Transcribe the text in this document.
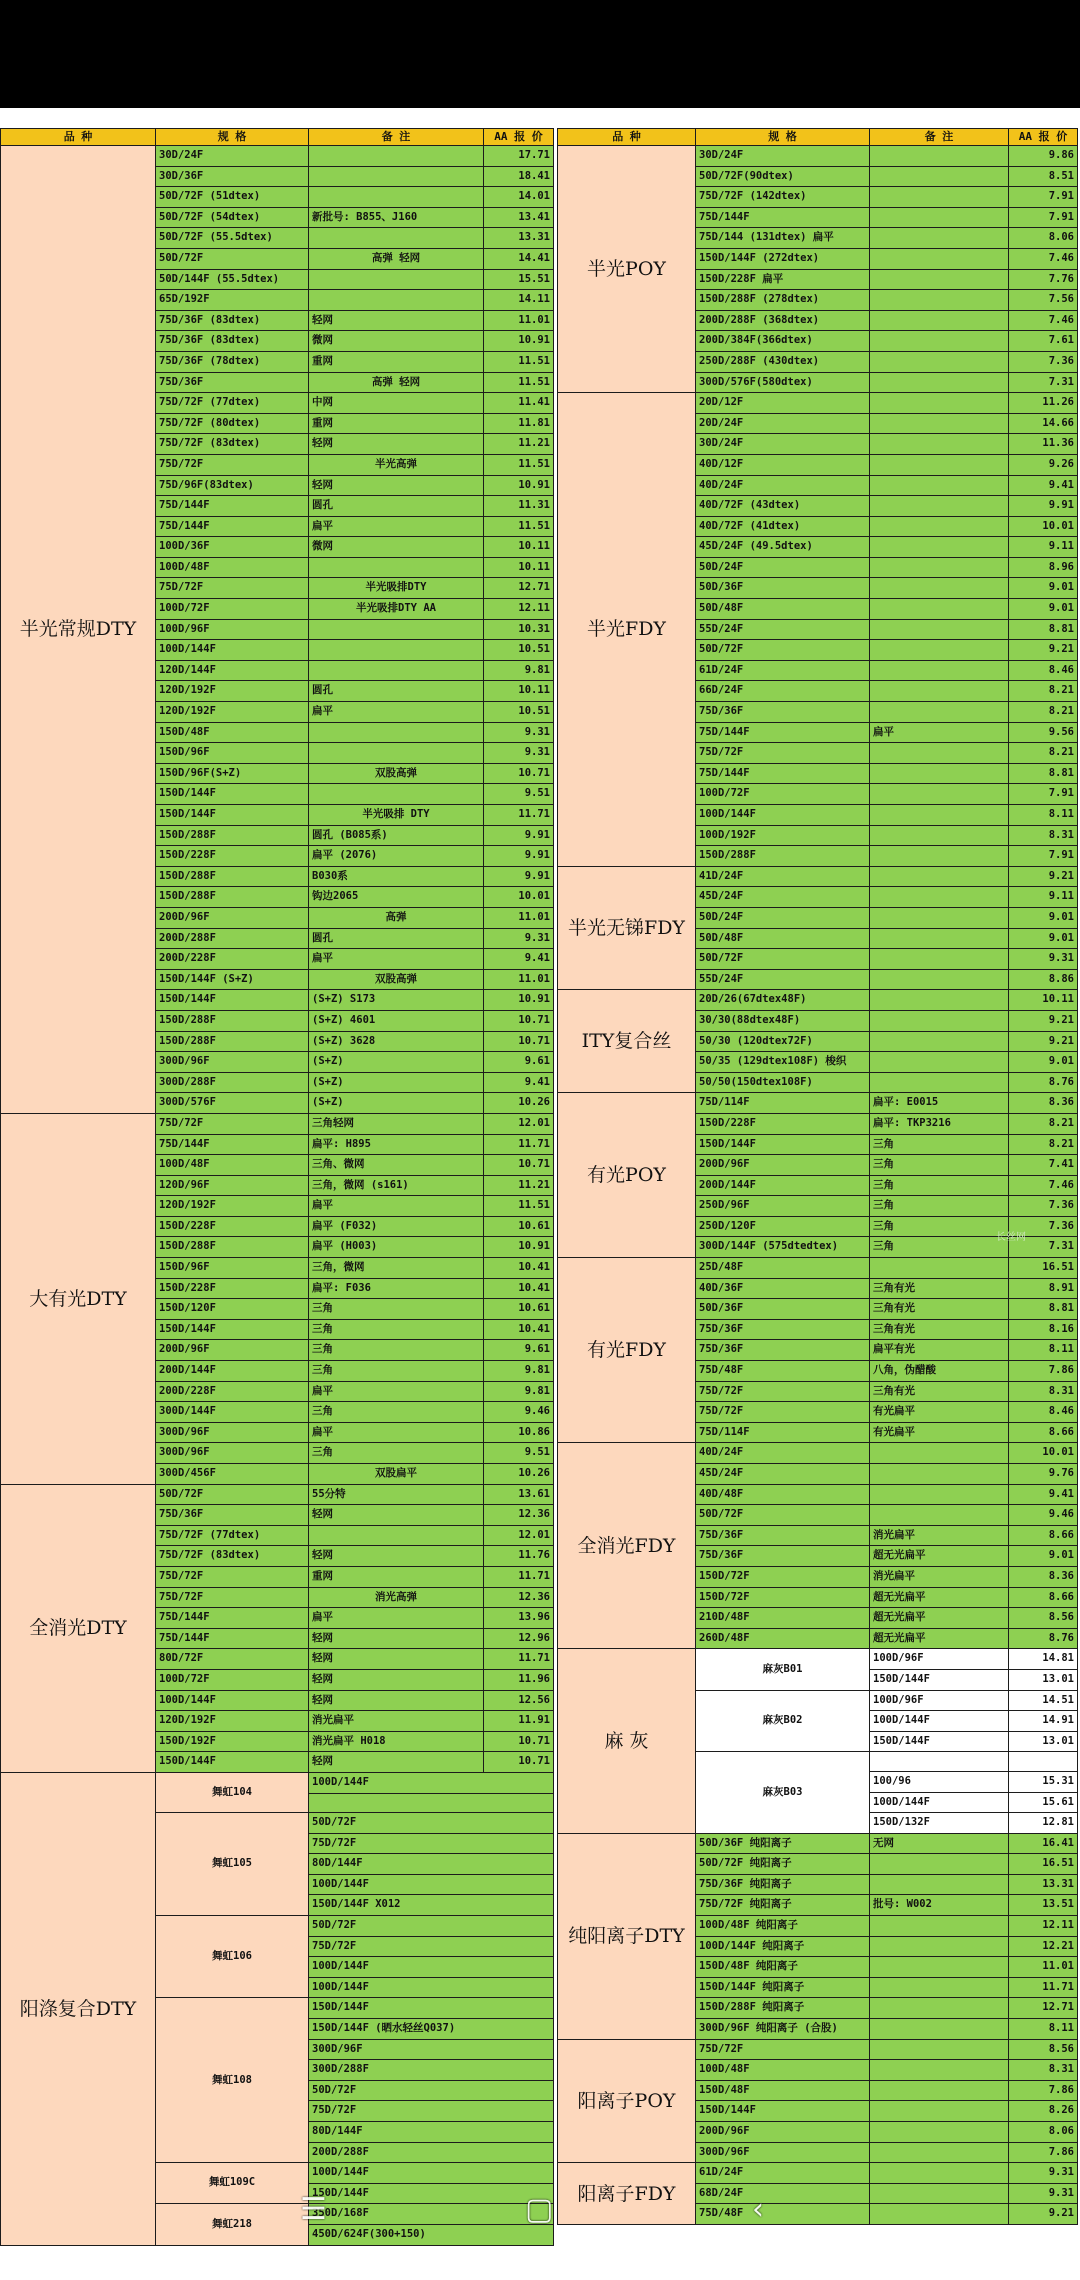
品 种	规 格	备 注	AA 报 价	
半光常规DTY	30D/24F		17.71	
	30D/36F		18.41	
	50D/72F (51dtex)		14.01	
	50D/72F (54dtex)	新批号: B855、J160	13.41	
	50D/72F (55.5dtex)		13.31	
	50D/72F	高弹 轻网	14.41	
	50D/144F (55.5dtex)		15.51	
	65D/192F		14.11	
	75D/36F (83dtex)	轻网	11.01	
	75D/36F (83dtex)	微网	10.91	
	75D/36F (78dtex)	重网	11.51	
	75D/36F	高弹 轻网	11.51	
	75D/72F (77dtex)	中网	11.41	
	75D/72F (80dtex)	重网	11.81	
	75D/72F (83dtex)	轻网	11.21	
	75D/72F	半光高弹	11.51	
	75D/96F(83dtex)	轻网	10.91	
	75D/144F	圆孔	11.31	
	75D/144F	扁平	11.51	
	100D/36F	微网	10.11	
	100D/48F		10.11	
	75D/72F	半光吸排DTY	12.71	
	100D/72F	半光吸排DTY AA	12.11	
	100D/96F		10.31	
	100D/144F		10.51	
	120D/144F		9.81	
	120D/192F	圆孔	10.11	
	120D/192F	扁平	10.51	
	150D/48F		9.31	
	150D/96F		9.31	
	150D/96F(S+Z)	双股高弹	10.71	
	150D/144F		9.51	
	150D/144F	半光吸排 DTY	11.71	
	150D/288F	圆孔 (B085系)	9.91	
	150D/228F	扁平 (2076)	9.91	
	150D/288F	B030系	9.91	
	150D/288F	钩边2065	10.01	
	200D/96F	高弹	11.01	
	200D/288F	圆孔	9.31	
	200D/228F	扁平	9.41	
	150D/144F (S+Z)	双股高弹	11.01	
	150D/144F	(S+Z) S173	10.91	
	150D/288F	(S+Z) 4601	10.71	
	150D/288F	(S+Z) 3628	10.71	
	300D/96F	(S+Z)	9.61	
	300D/288F	(S+Z)	9.41	
	300D/576F	(S+Z)	10.26	
大有光DTY	75D/72F	三角轻网	12.01	
	75D/144F	扁平: H895	11.71	
	100D/48F	三角、微网	10.71	
	120D/96F	三角，微网 (s161)	11.21	
	120D/192F	扁平	11.51	
	150D/228F	扁平 (F032)	10.61	
	150D/288F	扁平 (H003)	10.91	
	150D/96F	三角，微网	10.41	
	150D/228F	扁平: F036	10.41	
	150D/120F	三角	10.61	
	150D/144F	三角	10.41	
	200D/96F	三角	9.61	
	200D/144F	三角	9.81	
	200D/228F	扁平	9.81	
	300D/144F	三角	9.46	
	300D/96F	扁平	10.86	
	300D/96F	三角	9.51	
	300D/456F	双股扁平	10.26	
全消光DTY	50D/72F	55分特	13.61	
	75D/36F	轻网	12.36	
	75D/72F (77dtex)		12.01	
	75D/72F (83dtex)	轻网	11.76	
	75D/72F	重网	11.71	
	75D/72F	消光高弹	12.36	
	75D/144F	扁平	13.96	
	75D/144F	轻网	12.96	
	80D/72F	轻网	11.71	
	100D/72F	轻网	11.96	
	100D/144F	轻网	12.56	
	120D/192F	消光扁平	11.91	
	150D/192F	消光扁平 H018	10.71	
	150D/144F	轻网	10.71	
阳涤复合DTY	舞虹104	100D/144F	

	舞虹105	50D/72F	
		75D/72F	
		80D/144F	
		100D/144F	
		150D/144F X012	
	舞虹106	50D/72F	
		75D/72F	
		100D/144F	
		100D/144F	
	舞虹108	150D/144F	
		150D/144F (晒水轻丝Q037)	
		300D/96F	
		300D/288F	
		50D/72F	
		75D/72F	
		80D/144F	
		200D/288F	
	舞虹109C	100D/144F	
		150D/144F	
	舞虹218	350D/168F	
		450D/624F(300+150)	
品 种	规 格	备 注	AA 报 价
半光POY	30D/24F		9.86
	50D/72F(90dtex)		8.51
	75D/72F (142dtex)		7.91
	75D/144F		7.91
	75D/144 (131dtex) 扁平		8.06
	150D/144F (272dtex)		7.46
	150D/228F 扁平		7.76
	150D/288F (278dtex)		7.56
	200D/288F (368dtex)		7.46
	200D/384F(366dtex)		7.61
	250D/288F (430dtex)		7.36
	300D/576F(580dtex)		7.31
半光FDY	20D/12F		11.26
	20D/24F		14.66
	30D/24F		11.36
	40D/12F		9.26
	40D/24F		9.41
	40D/72F (43dtex)		9.91
	40D/72F (41dtex)		10.01
	45D/24F (49.5dtex)		9.11
	50D/24F		8.96
	50D/36F		9.01
	50D/48F		9.01
	55D/24F		8.81
	50D/72F		9.21
	61D/24F		8.46
	66D/24F		8.21
	75D/36F		8.21
	75D/144F	扁平	9.56
	75D/72F		8.21
	75D/144F		8.81
	100D/72F		7.91
	100D/144F		8.11
	100D/192F		8.31
	150D/288F		7.91
半光无锑FDY	41D/24F		9.21
	45D/24F		9.11
	50D/24F		9.01
	50D/48F		9.01
	50D/72F		9.31
	55D/24F		8.86
ITY复合丝	20D/26(67dtex48F)		10.11
	30/30(88dtex48F)		9.21
	50/30 (120dtex72F)		9.21
	50/35 (129dtex108F) 梭织		9.01
	50/50(150dtex108F)		8.76
有光POY	75D/114F	扁平: E0015	8.36
	150D/228F	扁平: TKP3216	8.21
	150D/144F	三角	8.21
	200D/96F	三角	7.41
	200D/144F	三角	7.46
	250D/96F	三角	7.36
	250D/120F	三角	7.36
	300D/144F (575dtedtex)	三角	7.31
有光FDY	25D/48F		16.51
	40D/36F	三角有光	8.91
	50D/36F	三角有光	8.81
	75D/36F	三角有光	8.16
	75D/36F	扁平有光	8.11
	75D/48F	八角，伪醋酸	7.86
	75D/72F	三角有光	8.31
	75D/72F	有光扁平	8.46
	75D/114F	有光扁平	8.66
全消光FDY	40D/24F		10.01
	45D/24F		9.76
	40D/48F		9.41
	50D/72F		9.46
	75D/36F	消光扁平	8.66
	75D/36F	超无光扁平	9.01
	150D/72F	消光扁平	8.36
	150D/72F	超无光扁平	8.66
	210D/48F	超无光扁平	8.56
	260D/48F	超无光扁平	8.76
麻 灰	麻灰B01	100D/96F	14.81
		150D/144F	13.01
	麻灰B02	100D/96F	14.51
		100D/144F	14.91
		150D/144F	13.01
	麻灰B03		
		100/96	15.31
		100D/144F	15.61
		150D/132F	12.81
纯阳离子DTY	50D/36F 纯阳离子	无网	16.41
	50D/72F 纯阳离子		16.51
	75D/36F 纯阳离子		13.31
	75D/72F 纯阳离子	批号: W002	13.51
	100D/48F 纯阳离子		12.11
	100D/144F 纯阳离子		12.21
	150D/48F 纯阳离子		11.01
	150D/144F 纯阳离子		11.71
	150D/288F 纯阳离子		12.71
	300D/96F 纯阳离子 (合股)		8.11
阳离子POY	75D/72F		8.56
	100D/48F		8.31
	150D/48F		7.86
	150D/144F		8.26
	200D/96F		8.06
	300D/96F		7.86
阳离子FDY	61D/24F		9.31
	68D/24F		9.31
	75D/48F		9.21
长丝网
☰	▢	‹
